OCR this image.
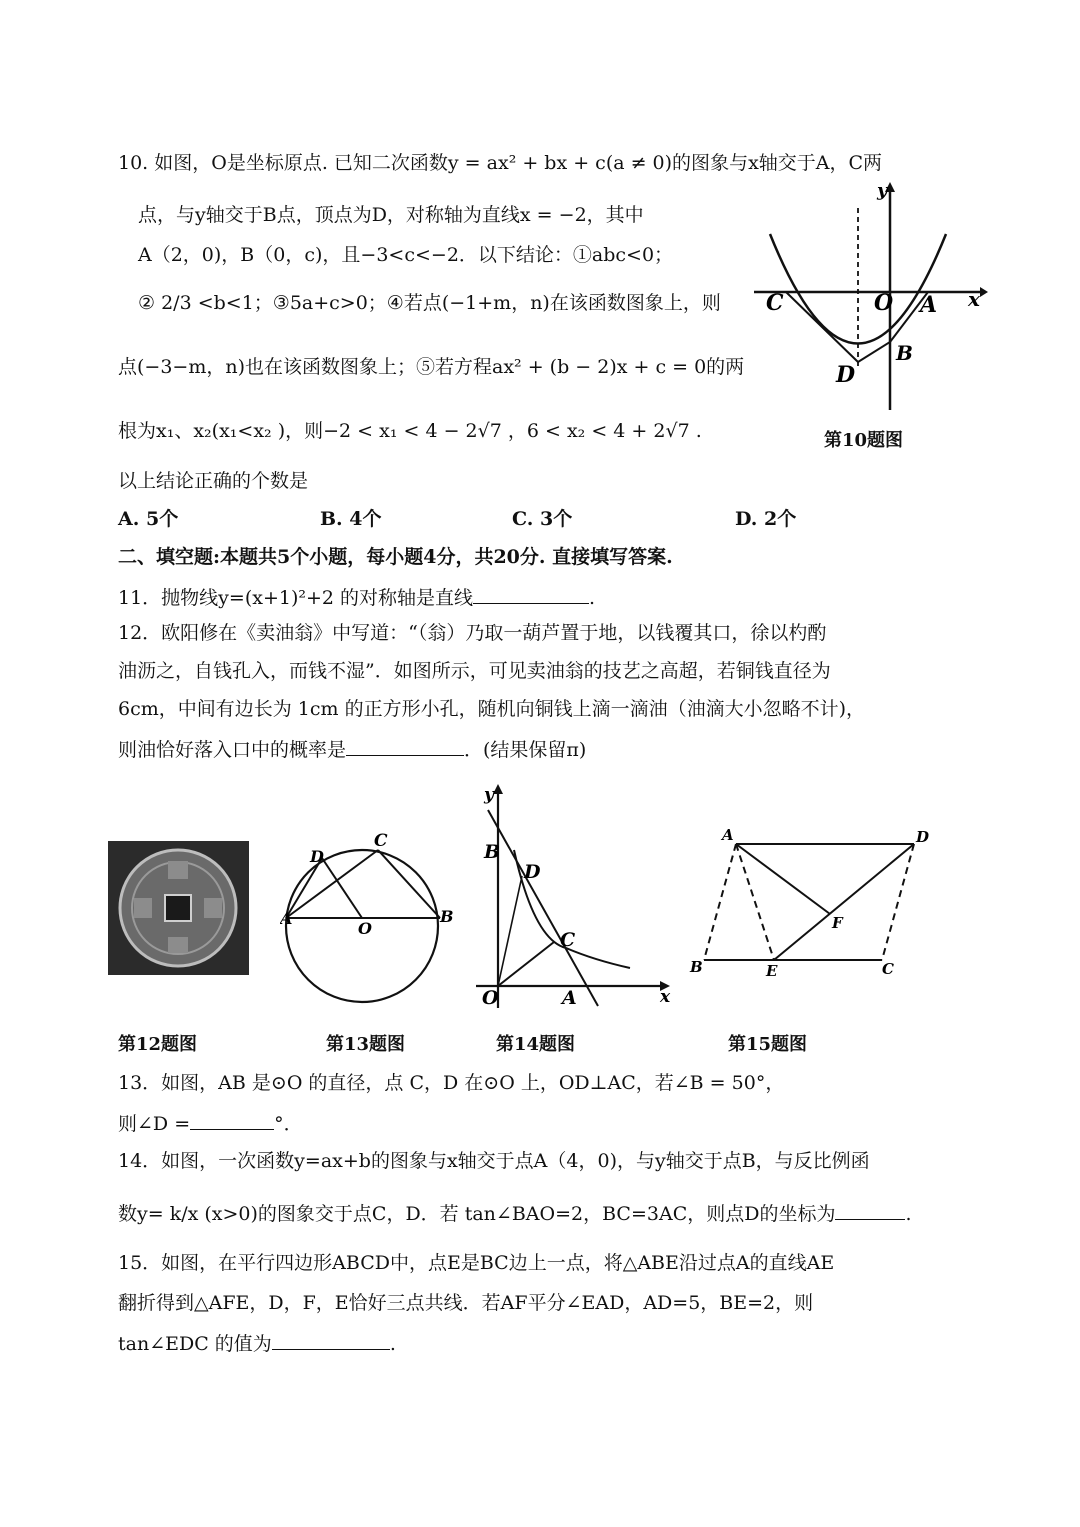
10. 如图，O是坐标原点. 已知二次函数y = ax² + bx + c(a ≠ 0)的图象与x轴交于A，C两
点，与y轴交于B点，顶点为D，对称轴为直线x = −2，其中
A（2，0)，B（0，c)，且−3<c<−2．以下结论：①abc<0；
② 2/3 <b<1；③5a+c>0；④若点(−1+m，n)在该函数图象上，则
点(−3−m，n)也在该函数图象上；⑤若方程ax² + (b − 2)x + c = 0的两
根为x₁、x₂(x₁<x₂ )，则−2 < x₁ < 4 − 2√7 ，6 < x₂ < 4 + 2√7 .
以上结论正确的个数是
A. 5个	B. 4个	C. 3个	D. 2个
y
x
C	O A
B
D
第10题图
二、填空题:本题共5个小题，每小题4分，共20分. 直接填写答案.
11．抛物线y=(x+1)²+2 的对称轴是直线	.
12．欧阳修在《卖油翁》中写道：“（翁）乃取一葫芦置于地，以钱覆其口，徐以杓酌
油沥之，自钱孔入，而钱不湿”．如图所示，可见卖油翁的技艺之高超，若铜钱直径为
6cm，中间有边长为 1cm 的正方形小孔，随机向铜钱上滴一滴油（油滴大小忽略不计)，
则油恰好落入口中的概率是	．(结果保留π)
A	B
C
D
O
y
x
B
D
C
O	A
A	D
B	E	C
F
第12题图	第13题图	第14题图	第15题图
13．如图，AB 是⊙O 的直径，点 C，D 在⊙O 上，OD⊥AC，若∠B = 50°，
则∠D =	°．
14．如图，一次函数y=ax+b的图象与x轴交于点A（4，0)，与y轴交于点B，与反比例函
数y= k/x (x>0)的图象交于点C，D．若 tan∠BAO=2，BC=3AC，则点D的坐标为	.
15．如图，在平行四边形ABCD中，点E是BC边上一点，将△ABE沿过点A的直线AE
翻折得到△AFE，D，F，E恰好三点共线．若AF平分∠EAD，AD=5，BE=2，则
tan∠EDC 的值为	.
